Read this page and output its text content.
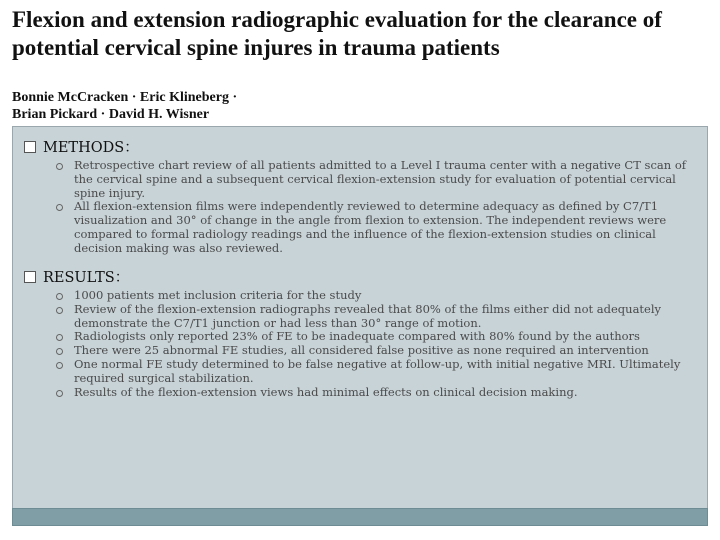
Flexion and extension radiographic evaluation for the clearance of potential cervical spine injures in trauma patients
Bonnie McCracken · Eric Klineberg ·
Brian Pickard · David H. Wisner
METHODS：
Retrospective chart review of all patients admitted to a Level I trauma center with a negative CT scan of the cervical spine and a subsequent cervical flexion-extension study for evaluation of potential cervical spine injury.
All flexion-extension films were independently reviewed to determine adequacy as defined by C7/T1 visualization and 30° of change in the angle from flexion to extension. The independent reviews were compared to formal radiology readings and the influence of the flexion-extension studies on clinical decision making was also reviewed.
RESULTS：
1000 patients met inclusion criteria for the study
Review of the flexion-extension radiographs revealed that 80% of the films either did not adequately demonstrate the C7/T1 junction or had less than 30° range of motion.
Radiologists only reported 23% of FE to be inadequate compared with 80% found by the authors
There were 25 abnormal FE studies, all considered false positive as none required an intervention
One normal FE study determined to be false negative at follow-up, with initial negative MRI. Ultimately required surgical stabilization.
Results of the flexion-extension views had minimal effects on clinical decision making.
